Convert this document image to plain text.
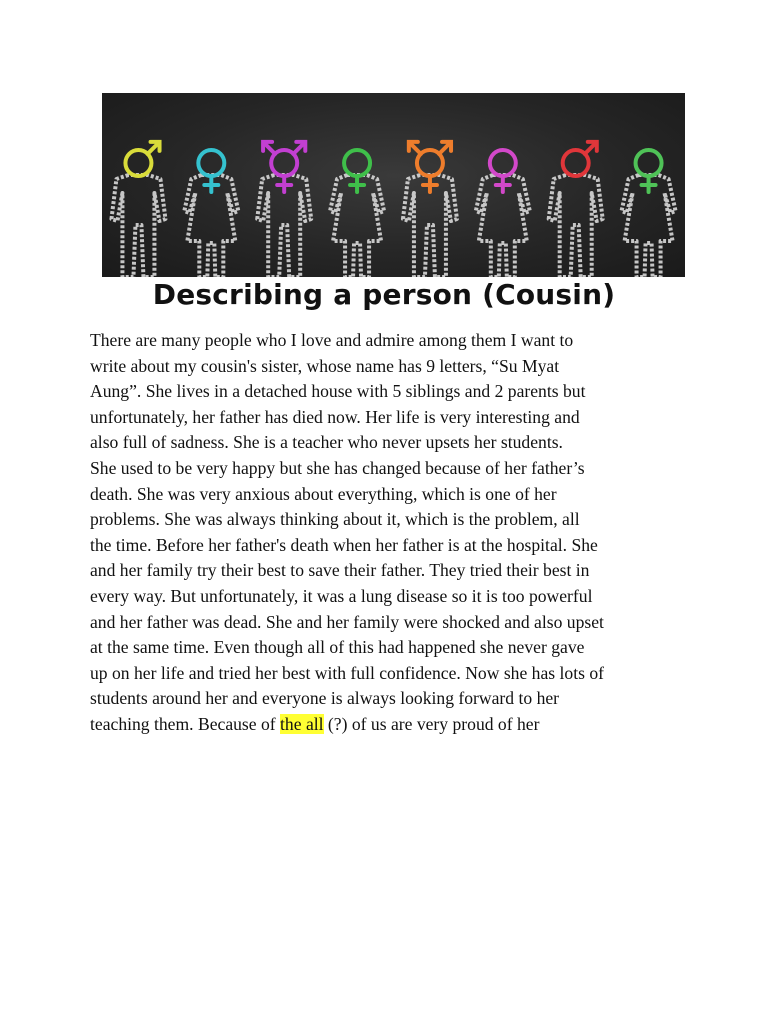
Describing a person (Cousin)
There are many people who I love and admire among them I want to
write about my cousin's sister, whose name has 9 letters, “Su Myat
Aung”. She lives in a detached house with 5 siblings and 2 parents but
unfortunately, her father has died now. Her life is very interesting and
also full of sadness. She is a teacher who never upsets her students.
She used to be very happy but she has changed because of her father’s
death. She was very anxious about everything, which is one of her
problems. She was always thinking about it, which is the problem, all
the time. Before her father's death when her father is at the hospital. She
and her family try their best to save their father. They tried their best in
every way. But unfortunately, it was a lung disease so it is too powerful
and her father was dead. She and her family were shocked and also upset
at the same time. Even though all of this had happened she never gave
up on her life and tried her best with full confidence. Now she has lots of
students around her and everyone is always looking forward to her
teaching them. Because of the all (?) of us are very proud of her
